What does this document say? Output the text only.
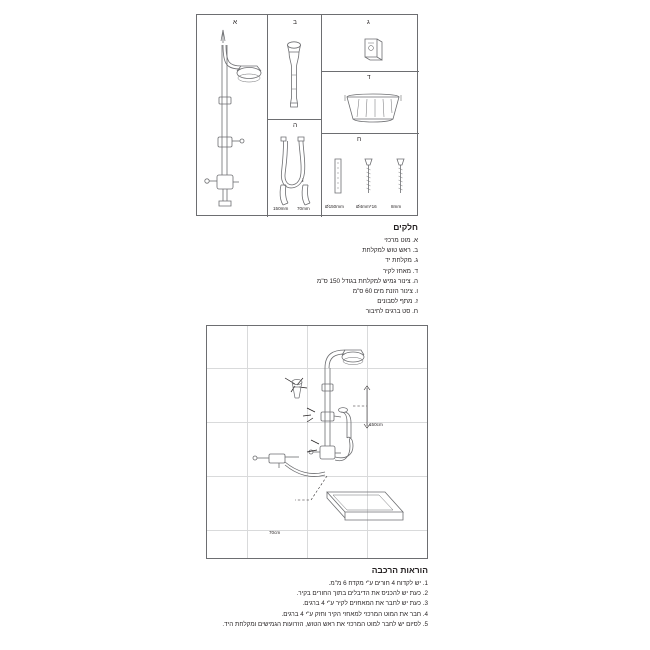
א	ב	ג
ד
ה
ו
ח
150mm 70mm	Ø150mm	Ø4mm*16	8mm
חלקים
א. מוט מרכזי
ב. ראש טוש למקלחת
ג. מקלחת יד
ד. מאחז לקיר
ה. צינור גמיש למקלחת בגודל 150 ס"מ
ו. צינור הזנת מים 60 ס"מ
ז. מתף לסבונים
ח. סט ברגים לחיבור
150cm
70cm
הוראות הרכבה
1. יש לקדוח 4 חורים ע"י מקדח 6 מ"מ.
2. כעת יש להכניס את הדיבלים בתוך החורים בקיר.
3. כעת יש לחבר את המאחזים לקיר ע"י 4 ברגים.
4. חבר את המוט המרכזי למאחזי הקיר וחזק ע"י 4 ברגים.
5. לסיום יש לחבר למוט המרכזי את ראש הטוש, הזרועות הגמישים ומקלחת היד.
